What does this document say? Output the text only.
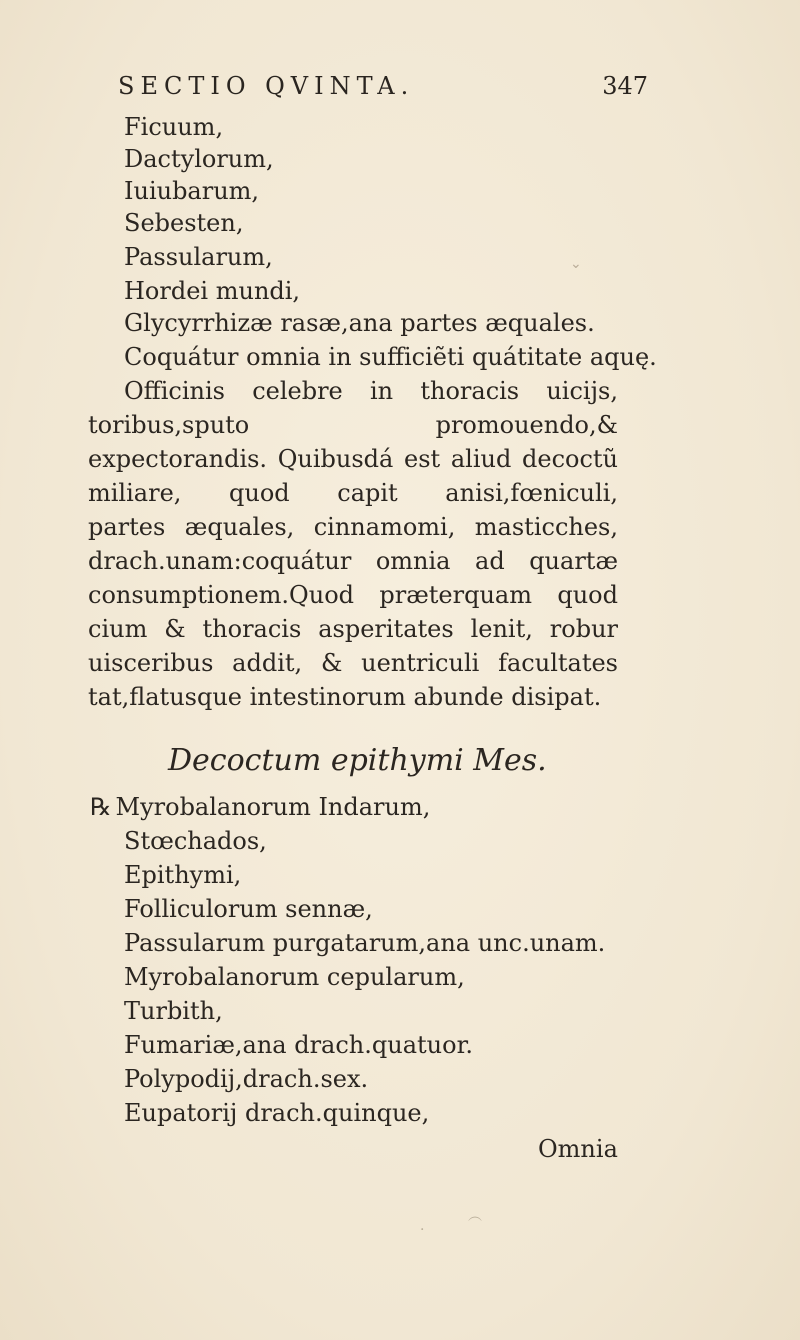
SECTIO QVINTA.	347
Ficuum,
Dactylorum,
Iuiubarum,
Sebesten,
Passularum,
Hordei mundi,
Glycyrrhizæ rasæ,ana partes æquales.
Coquátur omnia in sufficiẽti quátitate aquę.
Officinis celebre in thoracis uicijs,
toribus,sputo promouendo,&
expectorandis. Quibusdá est aliud decoctũ
miliare, quod capit anisi,fœniculi,
partes æquales, cinnamomi, masticches,
drach.unam:coquátur omnia ad quartæ
consumptionem.Quod præterquam quod
cium & thoracis asperitates lenit, robur
uisceribus addit, & uentriculi facultates
tat,flatusque intestinorum abunde disipat.
Decoctum epithymi Mes.
℞ Myrobalanorum Indarum,
Stœchados,
Epithymi,
Folliculorum sennæ,
Passularum purgatarum,ana unc.unam.
Myrobalanorum cepularum,
Turbith,
Fumariæ,ana drach.quatuor.
Polypodij,drach.sex.
Eupatorij drach.quinque,
Omnia
⌄
︵
·
